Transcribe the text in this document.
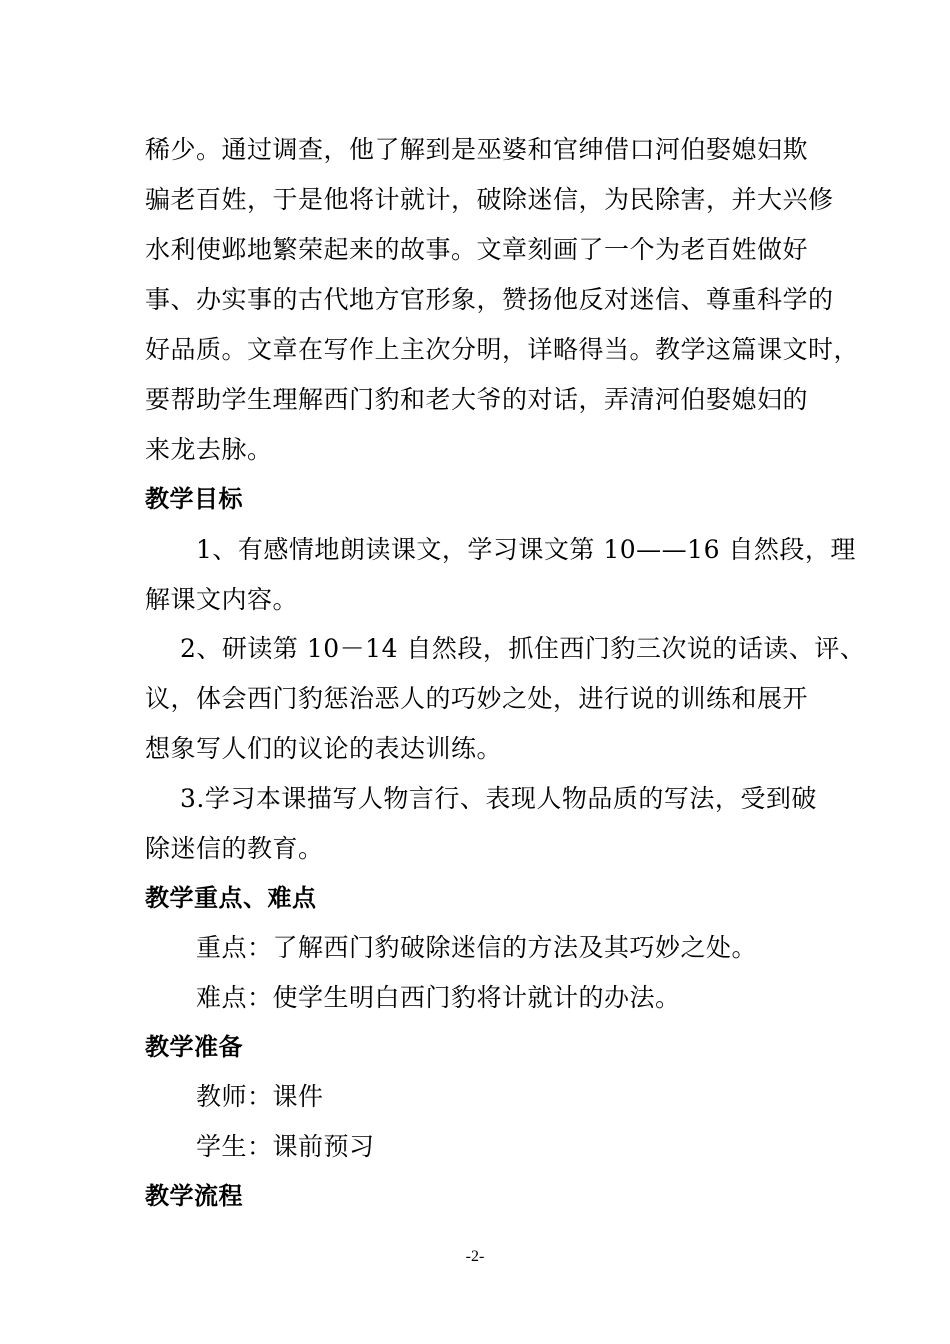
稀少。通过调查，他了解到是巫婆和官绅借口河伯娶媳妇欺
骗老百姓，于是他将计就计，破除迷信，为民除害，并大兴修
水利使邺地繁荣起来的故事。文章刻画了一个为老百姓做好
事、办实事的古代地方官形象，赞扬他反对迷信、尊重科学的
好品质。文章在写作上主次分明，详略得当。教学这篇课文时，
要帮助学生理解西门豹和老大爷的对话，弄清河伯娶媳妇的
来龙去脉。
教学目标
1、有感情地朗读课文，学习课文第 10——16 自然段，理
解课文内容。
2、研读第 10－14 自然段，抓住西门豹三次说的话读、评、
议，体会西门豹惩治恶人的巧妙之处，进行说的训练和展开
想象写人们的议论的表达训练。
3.学习本课描写人物言行、表现人物品质的写法，受到破
除迷信的教育。
教学重点、难点
重点：了解西门豹破除迷信的方法及其巧妙之处。
难点：使学生明白西门豹将计就计的办法。
教学准备
教师：课件
学生：课前预习
教学流程
-2-
